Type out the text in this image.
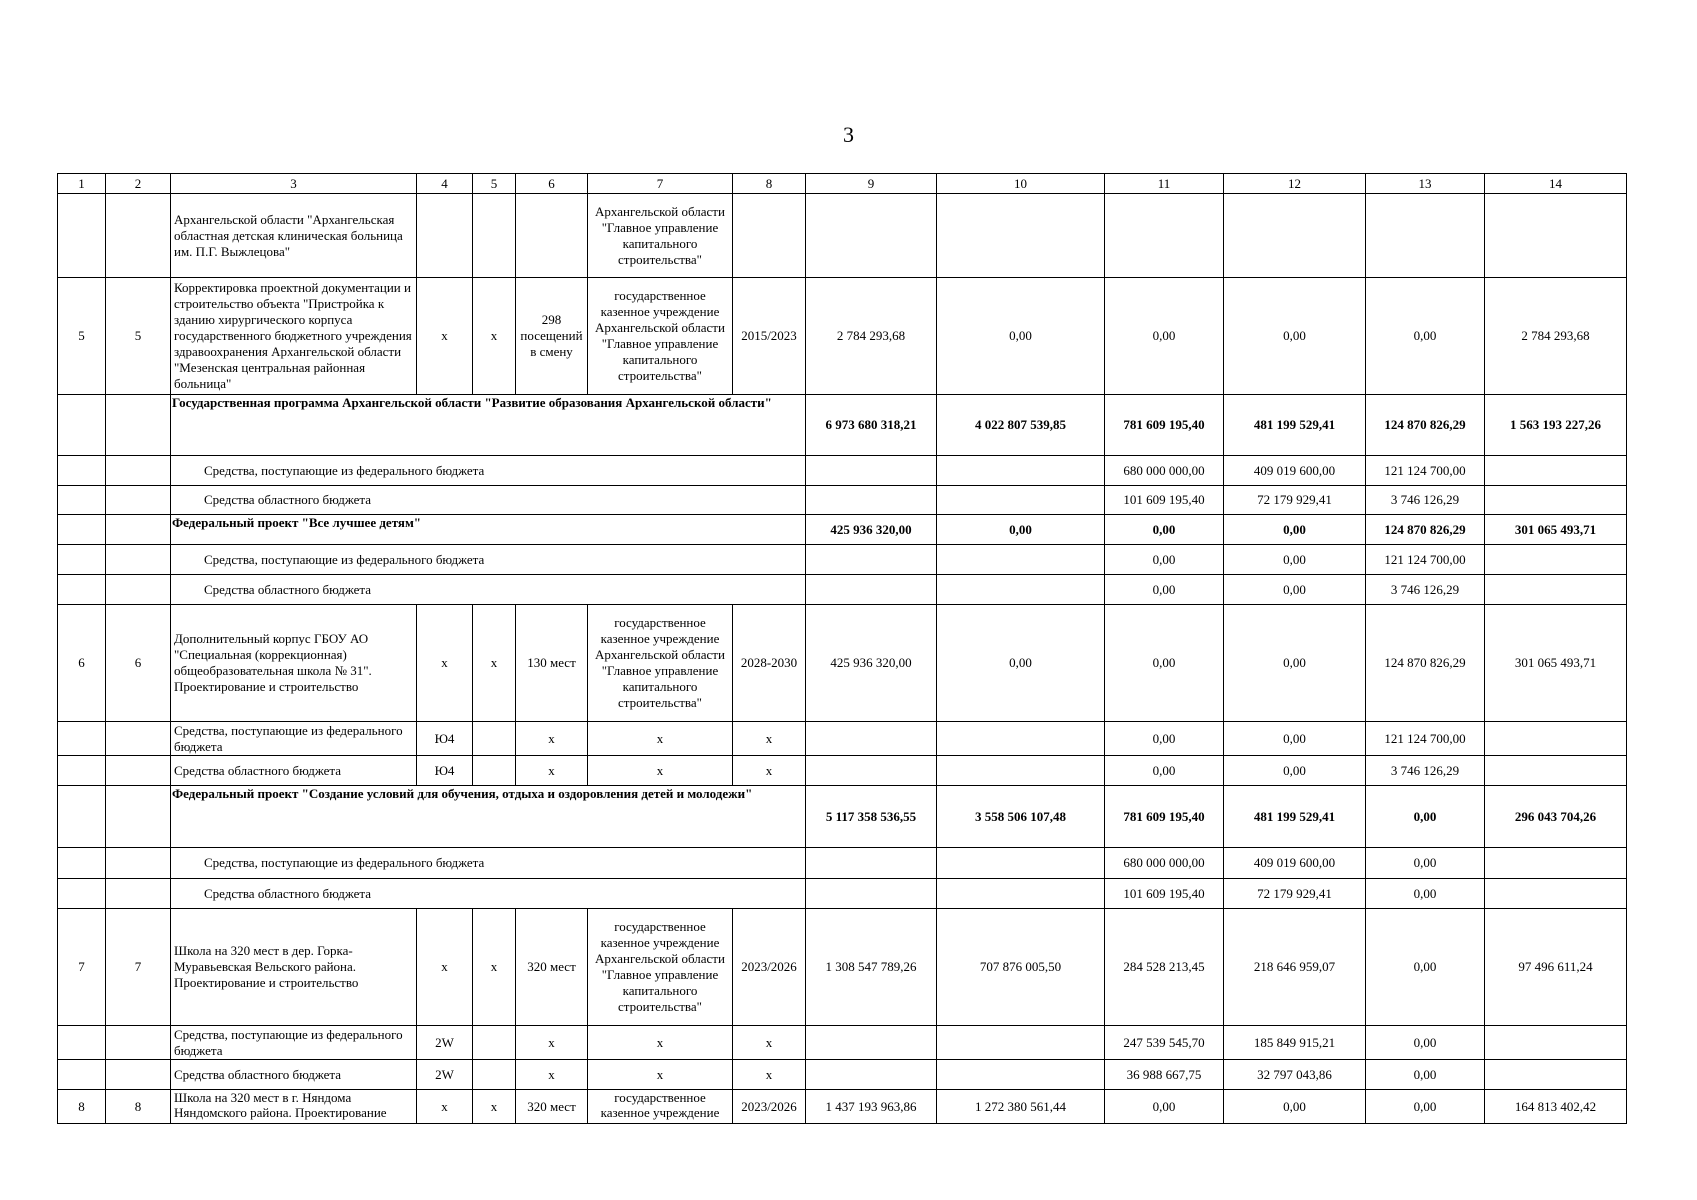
3
1	2	3	4	5	6	7	8	9	10	11	12	13	14
		Архангельской области "Архангельская областная детская клиническая больница им. П.Г. Выжлецова"				Архангельской области "Главное управление капитального строительства"							
5	5	Корректировка проектной документации и строительство объекта "Пристройка к зданию хирургического корпуса государственного бюджетного учреждения здравоохранения Архангельской области "Мезенская центральная районная больница"	х	х	298 посещений в смену	государственное казенное учреждение Архангельской области "Главное управление капитального строительства"	2015/2023	2 784 293,68	0,00	0,00	0,00	0,00	2 784 293,68
		Государственная программа Архангельской области "Развитие образования Архангельской области"						6 973 680 318,21	4 022 807 539,85	781 609 195,40	481 199 529,41	124 870 826,29	1 563 193 227,26
		Средства, поступающие из федерального бюджета								680 000 000,00	409 019 600,00	121 124 700,00	
		Средства областного бюджета								101 609 195,40	72 179 929,41	3 746 126,29	
		Федеральный проект "Все лучшее детям"						425 936 320,00	0,00	0,00	0,00	124 870 826,29	301 065 493,71
		Средства, поступающие из федерального бюджета								0,00	0,00	121 124 700,00	
		Средства областного бюджета								0,00	0,00	3 746 126,29	
6	6	Дополнительный корпус ГБОУ АО "Специальная (коррекционная) общеобразовательная школа № 31". Проектирование и строительство	х	х	130 мест	государственное казенное учреждение Архангельской области "Главное управление капитального строительства"	2028-2030	425 936 320,00	0,00	0,00	0,00	124 870 826,29	301 065 493,71
		Средства, поступающие из федерального бюджета	Ю4		х	х	х			0,00	0,00	121 124 700,00	
		Средства областного бюджета	Ю4		х	х	х			0,00	0,00	3 746 126,29	
		Федеральный проект "Создание условий для обучения, отдыха и оздоровления детей и молодежи"						5 117 358 536,55	3 558 506 107,48	781 609 195,40	481 199 529,41	0,00	296 043 704,26
		Средства, поступающие из федерального бюджета								680 000 000,00	409 019 600,00	0,00	
		Средства областного бюджета								101 609 195,40	72 179 929,41	0,00	
7	7	Школа на 320 мест в дер. Горка-Муравьевская Вельского района. Проектирование и строительство	х	х	320 мест	государственное казенное учреждение Архангельской области "Главное управление капитального строительства"	2023/2026	1 308 547 789,26	707 876 005,50	284 528 213,45	218 646 959,07	0,00	97 496 611,24
		Средства, поступающие из федерального бюджета	2W		х	х	х			247 539 545,70	185 849 915,21	0,00	
		Средства областного бюджета	2W		х	х	х			36 988 667,75	32 797 043,86	0,00	
8	8	Школа на 320 мест в г. Няндома Няндомского района. Проектирование	х	х	320 мест	государственное казенное учреждение	2023/2026	1 437 193 963,86	1 272 380 561,44	0,00	0,00	0,00	164 813 402,42
